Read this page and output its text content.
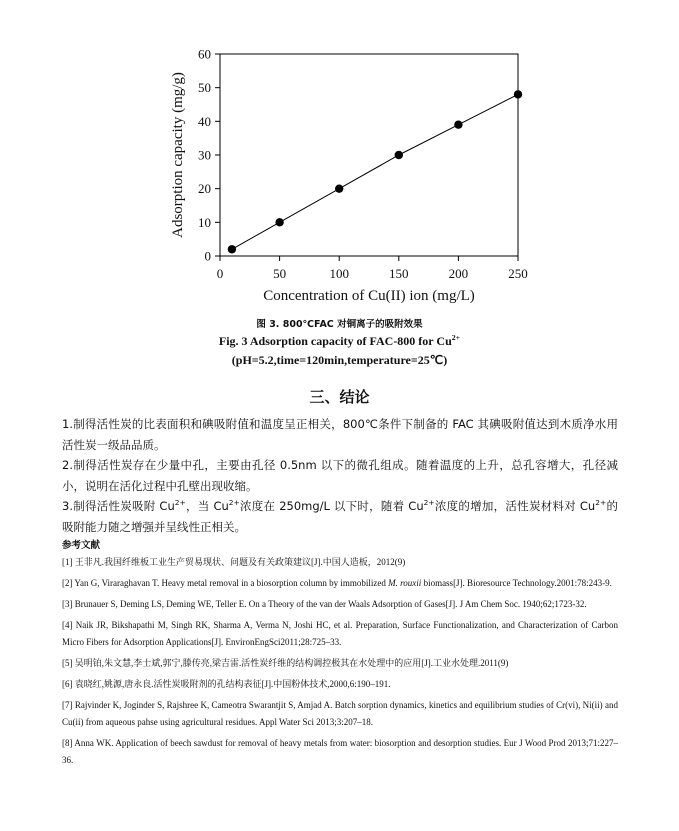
0	50	100	150	200	250
0
10
20
30
40
50
60
Concentration of Cu(II) ion (mg/L)
Adsorption capacity (mg/g)
图 3. 800℃FAC 对铜离子的吸附效果
Fig. 3 Adsorption capacity of FAC-800 for $Cu^{2+}$
(pH=5.2,time=120min,temperature=25℃)
三、结论

1.制得活性炭的比表面积和碘吸附值和温度呈正相关，800℃条件下制备的 FAC 其碘吸附值达到木质净水用活性炭一级品品质。

2.制得活性炭存在少量中孔，主要由孔径 0.5nm 以下的微孔组成。随着温度的上升，总孔容增大，孔径减小，说明在活化过程中孔壁出现收缩。

3.制得活性炭吸附 $Cu^{2+}$，当 $Cu^{2+}$浓度在 250mg/L 以下时，随着 $Cu^{2+}$浓度的增加，活性炭材料对 $Cu^{2+}$的吸附能力随之增强并呈线性正相关。

参考文献
[1] 王非凡.我国纤维板工业生产贸易现状、问题及有关政策建议[J].中国人造板，2012(9)
[2] Yan G, Viraraghavan T. Heavy metal removal in a biosorption column by immobilized M. rouxii biomass[J]. Bioresource Technology.2001:78:243-9.
[3] Brunauer S, Deming LS, Deming WE, Teller E. On a Theory of the van der Waals Adsorption of Gases[J]. J Am Chem Soc. 1940;62;1723-32.
[4] Naik JR, Bikshapathi M, Singh RK, Sharma A, Verma N, Joshi HC, et al. Preparation, Surface Functionalization, and Characterization of Carbon Micro Fibers for Adsorption Applications[J]. EnvironEngSci2011;28:725–33.
[5] 吴明铂,朱文慧,李士斌,郭宁,滕传亮,梁吉雷.活性炭纤维的结构调控极其在水处理中的应用[J].工业水处理.2011(9)
[6] 袁晓红,姚源,唐永良.活性炭吸附剂的孔结构表征[J].中国粉体技术,2000,6:190–191.
[7] Rajvinder K, Joginder S, Rajshree K, Cameotra Swarantjit S, Amjad A. Batch sorption dynamics, kinetics and equilibrium studies of Cr(vi), Ni(ii) and Cu(ii) from aqueous pahse using agricultural residues. Appl Water Sci 2013;3:207–18.
[8] Anna WK. Application of beech sawdust for removal of heavy metals from water: biosorption and desorption studies. Eur J Wood Prod 2013;71:227–36.
